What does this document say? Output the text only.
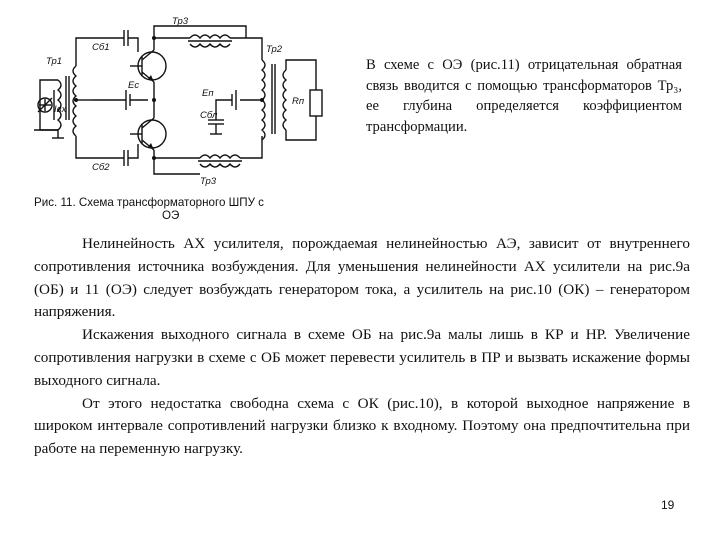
Cб1
Тр3
Тр1
Iвх
Еc
Тр2
Еп
Сбл
Rп
Cб2
Тр3
В схеме с ОЭ (рис.11) отрицательная обратная связь вводится с помощью трансформаторов Тр₃, ее глубина определяется коэффициентом трансформации.
Рис. 11. Схема трансформаторного ШПУ с
ОЭ

Нелинейность АХ усилителя, порождаемая нелинейностью АЭ, зависит от внутреннего сопротивления источника возбуждения. Для уменьшения нелинейности АХ усилители на рис.9а (ОБ) и 11 (ОЭ) следует возбуждать генератором тока, а усилитель на рис.10 (ОК) – генератором напряжения.

Искажения выходного сигнала в схеме ОБ на рис.9а малы лишь в КР и НР. Увеличение сопротивления нагрузки в схеме с ОБ может перевести усилитель в ПР и вызвать искажение формы выходного сигнала.

От этого недостатка свободна схема с ОК (рис.10), в которой выходное напряжение в широком интервале сопротивлений нагрузки близко к входному. Поэтому она предпочтительна при работе на переменную нагрузку.

19
